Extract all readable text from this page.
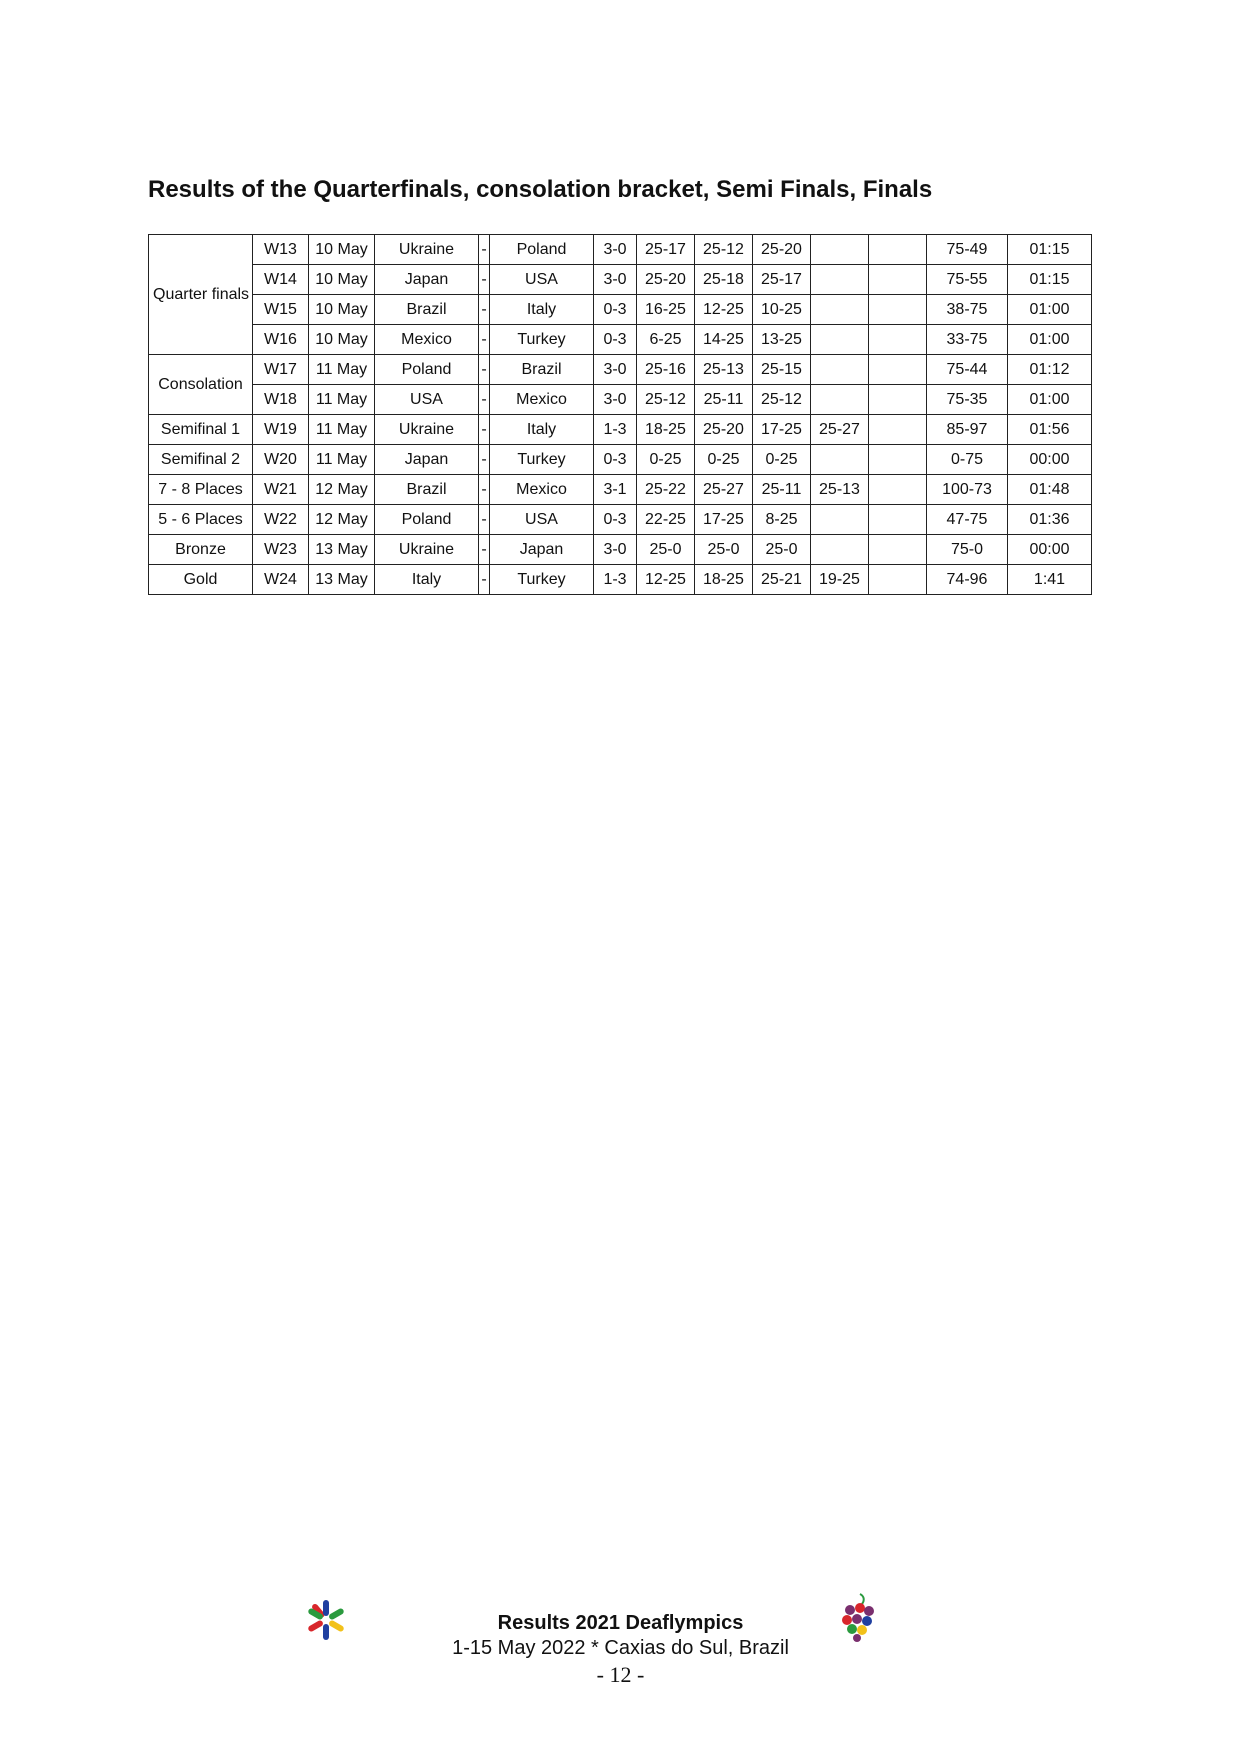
Results of the Quarterfinals, consolation bracket, Semi Finals, Finals
Quarter finals	W13	10 May	Ukraine	-	Poland	3-0	25-17	25-12	25-20			75-49	01:15
	W14	10 May	Japan	-	USA	3-0	25-20	25-18	25-17			75-55	01:15
	W15	10 May	Brazil	-	Italy	0-3	16-25	12-25	10-25			38-75	01:00
	W16	10 May	Mexico	-	Turkey	0-3	6-25	14-25	13-25			33-75	01:00
Consolation	W17	11 May	Poland	-	Brazil	3-0	25-16	25-13	25-15			75-44	01:12
	W18	11 May	USA	-	Mexico	3-0	25-12	25-11	25-12			75-35	01:00
Semifinal 1	W19	11 May	Ukraine	-	Italy	1-3	18-25	25-20	17-25	25-27		85-97	01:56
Semifinal 2	W20	11 May	Japan	-	Turkey	0-3	0-25	0-25	0-25			0-75	00:00
7 - 8 Places	W21	12 May	Brazil	-	Mexico	3-1	25-22	25-27	25-11	25-13		100-73	01:48
5 - 6 Places	W22	12 May	Poland	-	USA	0-3	22-25	17-25	8-25			47-75	01:36
Bronze	W23	13 May	Ukraine	-	Japan	3-0	25-0	25-0	25-0			75-0	00:00
Gold	W24	13 May	Italy	-	Turkey	1-3	12-25	18-25	25-21	19-25		74-96	1:41
Results 2021 Deaflympics
1-15 May 2022 * Caxias do Sul, Brazil
- 12 -
